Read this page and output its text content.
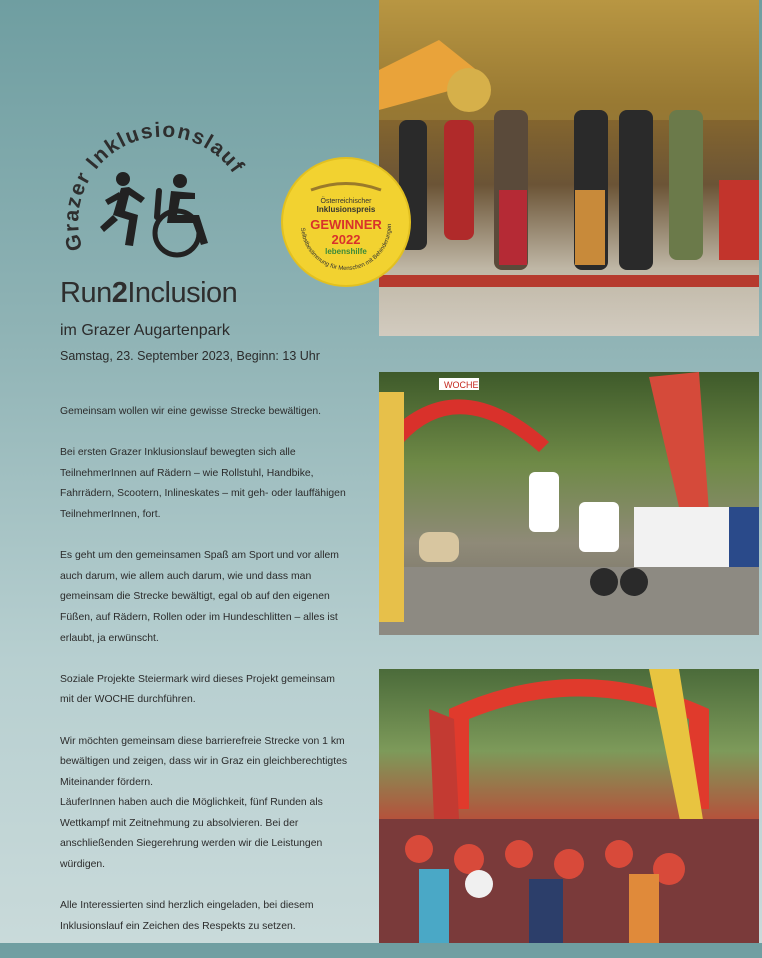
Grazer Inklusionslauf
Run2Inclusion
im Grazer Augartenpark
Samstag, 23. September 2023, Beginn: 13 Uhr

Gemeinsam wollen wir eine gewisse Strecke bewältigen.

Bei ersten Grazer Inklusionslauf bewegten sich alle TeilnehmerInnen auf Rädern – wie Rollstuhl, Handbike, Fahrrädern, Scootern, Inlineskates – mit geh- oder lauffähigen TeilnehmerInnen, fort.

Es geht um den gemeinsamen Spaß am Sport und vor allem auch darum, wie allem auch darum, wie und dass man gemeinsam die Strecke bewältigt, egal ob auf den eigenen Füßen, auf Rädern, Rollen oder im Hundeschlitten – alles ist erlaubt, ja erwünscht.

Soziale Projekte Steiermark wird dieses Projekt gemeinsam mit der WOCHE durchführen.

Wir möchten gemeinsam diese barrierefreie Strecke von 1 km bewältigen und zeigen, dass wir in Graz ein gleichberechtigtes Miteinander fördern.

LäuferInnen haben auch die Möglichkeit, fünf Runden als Wettkampf mit Zeitnehmung zu absolvieren. Bei der anschließenden Siegerehrung werden wir die Leistungen würdigen.

Alle Interessierten sind herzlich eingeladen, bei diesem Inklusionslauf ein Zeichen des Respekts zu setzen.

WOCHE
Österreichischer
Inklusionspreis
GEWINNER
2022
lebenshilfe
Selbstbestimmung für Menschen mit Behinderungen
